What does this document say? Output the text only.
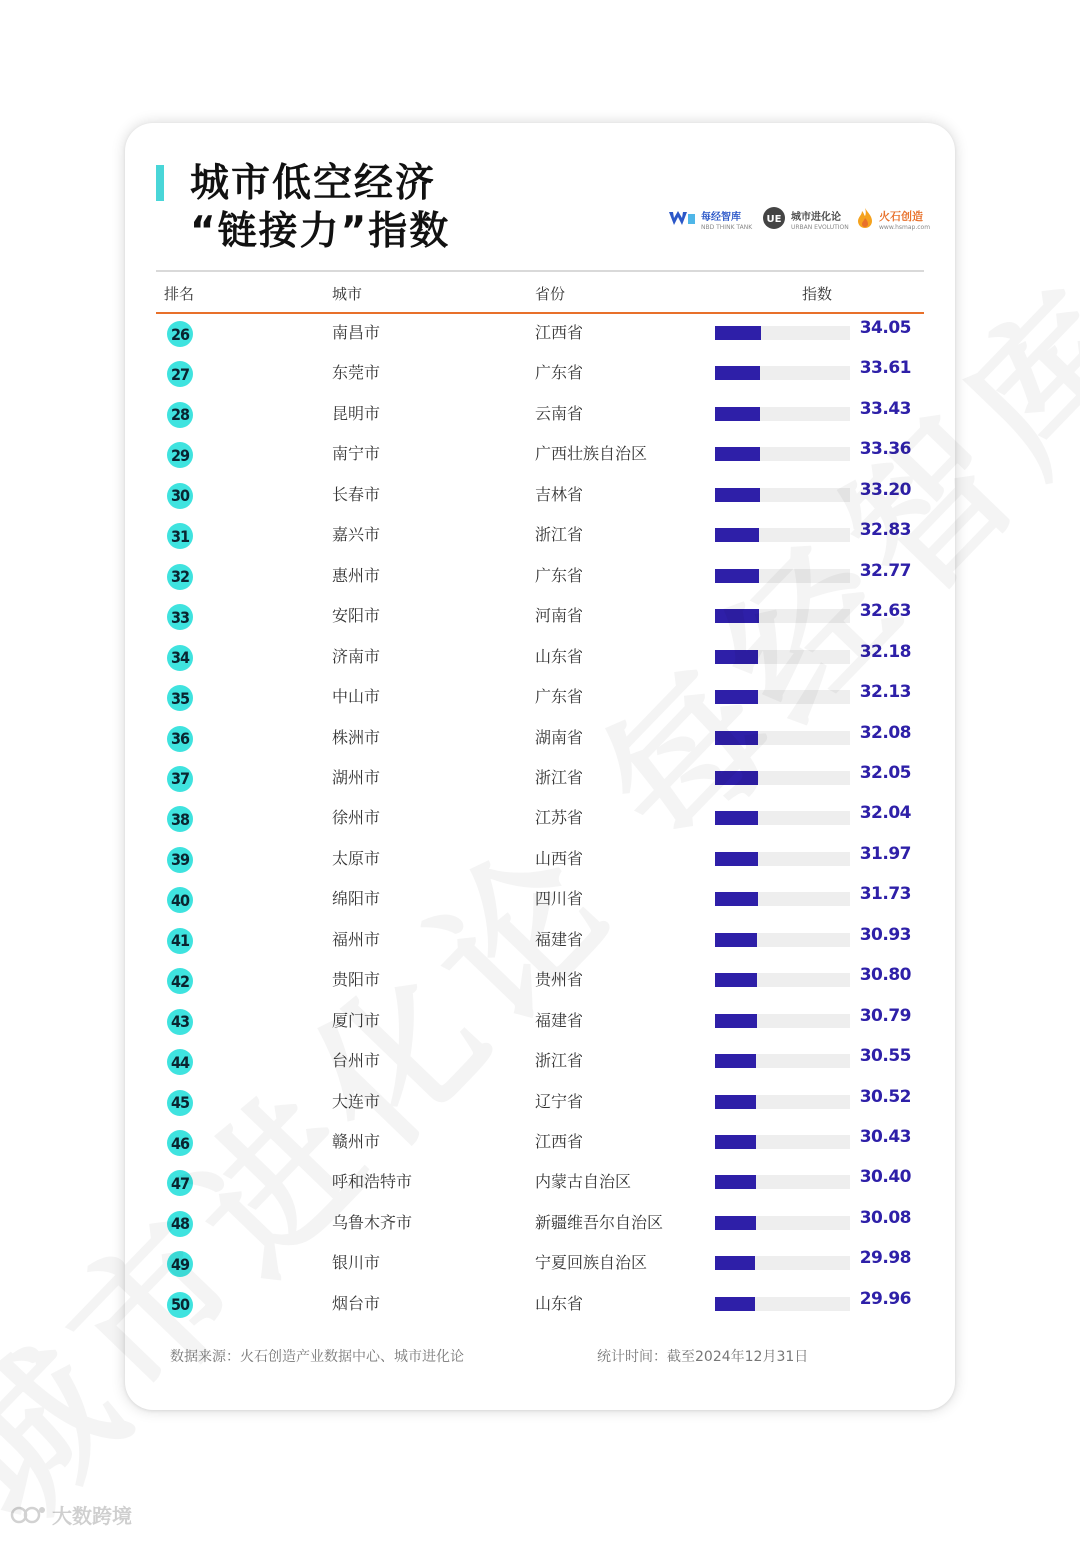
城市低空经济
“链接力”指数	每经智库
NBD THINK TANK
UE 城市进化论
URBAN EVOLUTION
火石创造
www.hsmap.com
排名	城市	省份	指数
26	南昌市	江西省	34.05
27	东莞市	广东省	33.61
28	昆明市	云南省	33.43
29	南宁市	广西壮族自治区	33.36
30	长春市	吉林省	33.20
31	嘉兴市	浙江省	32.83
32	惠州市	广东省	32.77
33	安阳市	河南省	32.63
34	济南市	山东省	32.18
35	中山市	广东省	32.13
36	株洲市	湖南省	32.08
37	湖州市	浙江省	32.05
38	徐州市	江苏省	32.04
39	太原市	山西省	31.97
40	绵阳市	四川省	31.73
41	福州市	福建省	30.93
42	贵阳市	贵州省	30.80
43	厦门市	福建省	30.79
44	台州市	浙江省	30.55
45	大连市	辽宁省	30.52
46	赣州市	江西省	30.43
47	呼和浩特市	内蒙古自治区	30.40
48	乌鲁木齐市	新疆维吾尔自治区	30.08
49	银川市	宁夏回族自治区	29.98
50	烟台市	山东省	29.96
数据来源：火石创造产业数据中心、城市进化论	统计时间：截至2024年12月31日
大数跨境
